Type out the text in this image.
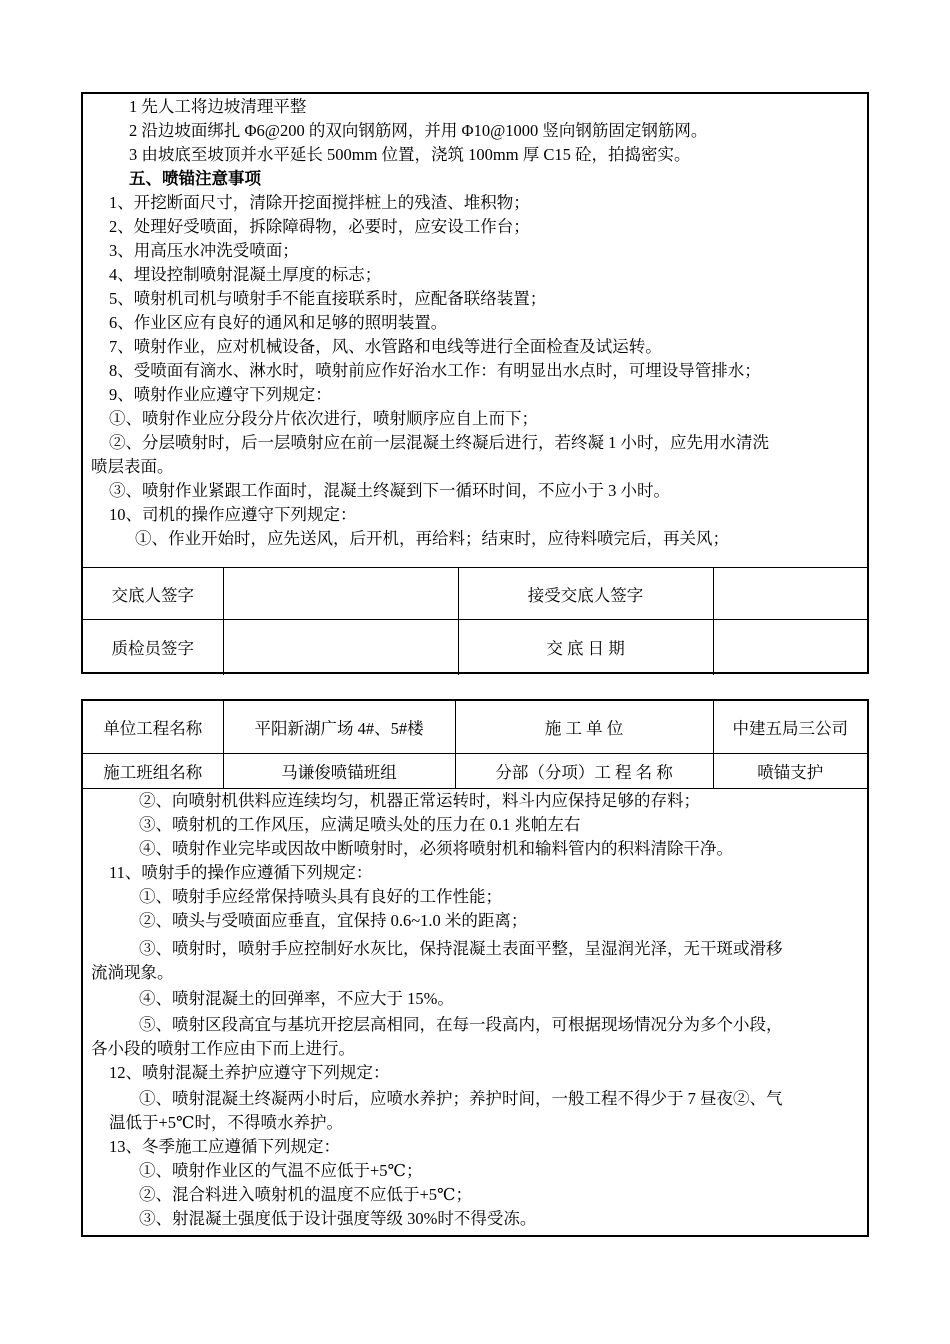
1 先人工将边坡清理平整
2 沿边坡面绑扎 Φ6@200 的双向钢筋网，并用 Φ10@1000 竖向钢筋固定钢筋网。
3 由坡底至坡顶并水平延长 500mm 位置，浇筑 100mm 厚 C15 砼，拍捣密实。
五、喷锚注意事项
1、开挖断面尺寸，清除开挖面搅拌桩上的残渣、堆积物；
2、处理好受喷面，拆除障碍物，必要时，应安设工作台；
3、用高压水冲洗受喷面；
4、埋设控制喷射混凝土厚度的标志；
5、喷射机司机与喷射手不能直接联系时，应配备联络装置；
6、作业区应有良好的通风和足够的照明装置。
7、喷射作业，应对机械设备，风、水管路和电线等进行全面检查及试运转。
8、受喷面有滴水、淋水时，喷射前应作好治水工作：有明显出水点时，可埋设导管排水；
9、喷射作业应遵守下列规定：
①、喷射作业应分段分片依次进行，喷射顺序应自上而下；
②、分层喷射时，后一层喷射应在前一层混凝土终凝后进行，若终凝 1 小时，应先用水清洗
喷层表面。
③、喷射作业紧跟工作面时，混凝土终凝到下一循环时间，不应小于 3 小时。
10、司机的操作应遵守下列规定：
①、作业开始时，应先送风，后开机，再给料；结束时，应待料喷完后，再关风；
交底人签字		接受交底人签字	
质检员签字		交 底 日 期	
单位工程名称	平阳新湖广场 4#、5#楼	施 工 单 位	中建五局三公司
施工班组名称	马谦俊喷锚班组	分部（分项）工 程 名 称	喷锚支护
②、向喷射机供料应连续均匀，机器正常运转时，料斗内应保持足够的存料；
③、喷射机的工作风压，应满足喷头处的压力在 0.1 兆帕左右
④、喷射作业完毕或因故中断喷射时，必须将喷射机和输料管内的积料清除干净。
11、喷射手的操作应遵循下列规定：
①、喷射手应经常保持喷头具有良好的工作性能；
②、喷头与受喷面应垂直，宜保持 0.6~1.0 米的距离；
③、喷射时，喷射手应控制好水灰比，保持混凝土表面平整，呈湿润光泽，无干斑或滑移
流淌现象。
④、喷射混凝土的回弹率，不应大于 15%。
⑤、喷射区段高宜与基坑开挖层高相同，在每一段高内，可根据现场情况分为多个小段，
各小段的喷射工作应由下而上进行。
12、喷射混凝土养护应遵守下列规定：
①、喷射混凝土终凝两小时后，应喷水养护；养护时间，一般工程不得少于 7 昼夜②、气
温低于+5℃时，不得喷水养护。
13、冬季施工应遵循下列规定：
①、喷射作业区的气温不应低于+5℃；
②、混合料进入喷射机的温度不应低于+5℃；
③、射混凝土强度低于设计强度等级 30%时不得受冻。
